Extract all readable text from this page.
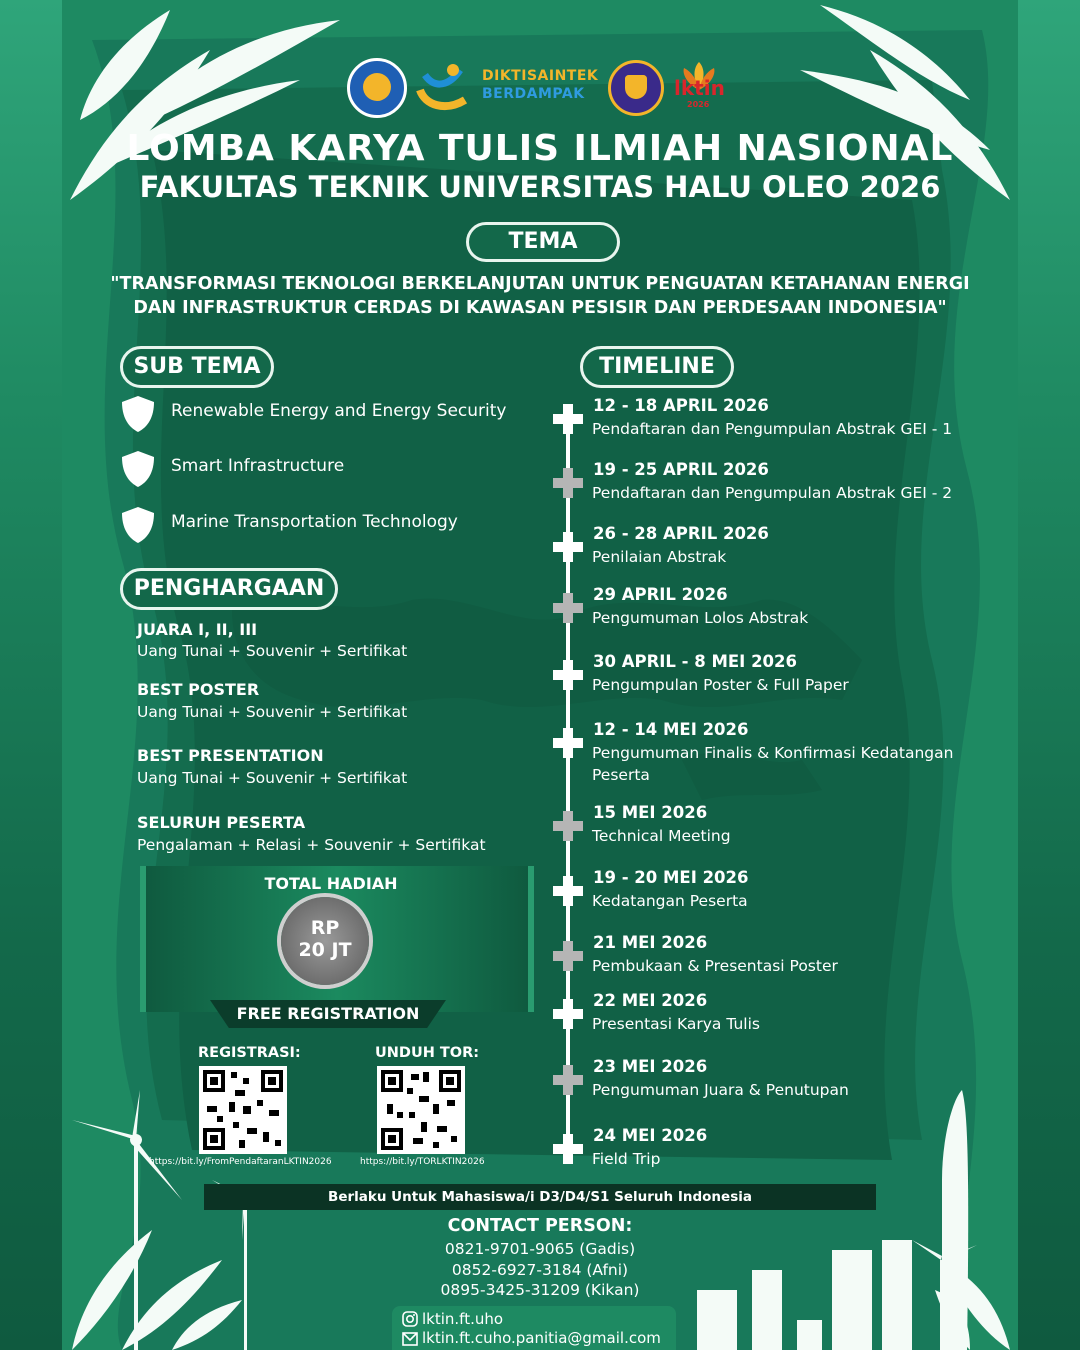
DIKTISAINTEK
BERDAMPAK	lktin
2026
LOMBA KARYA TULIS ILMIAH NASIONAL
FAKULTAS TEKNIK UNIVERSITAS HALU OLEO 2026
TEMA
"TRANSFORMASI TEKNOLOGI BERKELANJUTAN UNTUK PENGUATAN KETAHANAN ENERGI DAN INFRASTRUKTUR CERDAS DI KAWASAN PESISIR DAN PERDESAAN INDONESIA"
SUB TEMA
Renewable Energy and Energy Security
Smart Infrastructure
Marine Transportation Technology
PENGHARGAAN
JUARA I, II, III
Uang Tunai + Souvenir + Sertifikat
BEST POSTER
Uang Tunai + Souvenir + Sertifikat
BEST PRESENTATION
Uang Tunai + Souvenir + Sertifikat
SELURUH PESERTA
Pengalaman + Relasi + Souvenir + Sertifikat
TOTAL HADIAH
RP
20 JT
FREE REGISTRATION
REGISTRASI:
https://bit.ly/FromPendaftaranLKTIN2026
UNDUH TOR:
https://bit.ly/TORLKTIN2026
TIMELINE
12 - 18 APRIL 2026
Pendaftaran dan Pengumpulan Abstrak GEI - 1
19 - 25 APRIL 2026
Pendaftaran dan Pengumpulan Abstrak GEI - 2
26 - 28 APRIL 2026
Penilaian Abstrak
29 APRIL 2026
Pengumuman Lolos Abstrak
30 APRIL - 8 MEI 2026
Pengumpulan Poster & Full Paper
12 - 14 MEI 2026
Pengumuman Finalis & Konfirmasi Kedatangan Peserta
15 MEI 2026
Technical Meeting
19 - 20 MEI 2026
Kedatangan Peserta
21 MEI 2026
Pembukaan & Presentasi Poster
22 MEI 2026
Presentasi Karya Tulis
23 MEI 2026
Pengumuman Juara & Penutupan
24 MEI 2026
Field Trip
Berlaku Untuk Mahasiswa/i D3/D4/S1 Seluruh Indonesia
CONTACT PERSON:
0821-9701-9065 (Gadis)
0852-6927-3184 (Afni)
0895-3425-31209 (Kikan)
lktin.ft.uho
lktin.ft.cuho.panitia@gmail.com
